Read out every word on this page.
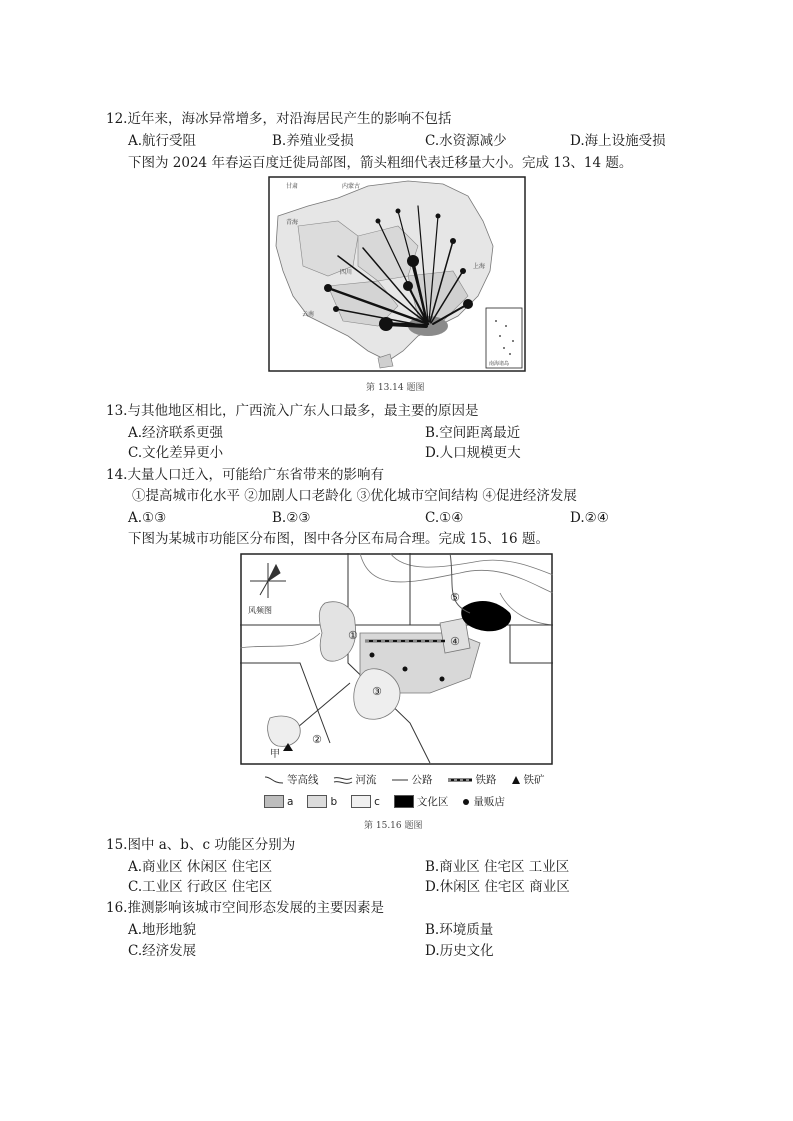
12.近年来，海冰异常增多，对沿海居民产生的影响不包括
A.航行受阻	B.养殖业受损	C.水资源减少	D.海上设施受损
下图为 2024 年春运百度迁徙局部图，箭头粗细代表迁移量大小。完成 13、14 题。
甘肃	内蒙古
青海
四川
云南
上海
南海诸岛
第 13.14 题图
13.与其他地区相比，广西流入广东人口最多，最主要的原因是
A.经济联系更强	B.空间距离最近
C.文化差异更小	D.人口规模更大
14.大量人口迁入，可能给广东省带来的影响有
①提高城市化水平 ②加剧人口老龄化 ③优化城市空间结构 ④促进经济发展
A.①③	B.②③	C.①④	D.②④
下图为某城市功能区分布图，图中各分区布局合理。完成 15、16 题。
风频图
①
②
③
④
⑤
甲
等高线	河流	公路	铁路	铁矿
a	b	c	文化区 量贩店
第 15.16 题图
15.图中 a、b、c 功能区分别为
A.商业区 休闲区 住宅区	B.商业区 住宅区 工业区
C.工业区 行政区 住宅区	D.休闲区 住宅区 商业区
16.推测影响该城市空间形态发展的主要因素是
A.地形地貌	B.环境质量
C.经济发展	D.历史文化
